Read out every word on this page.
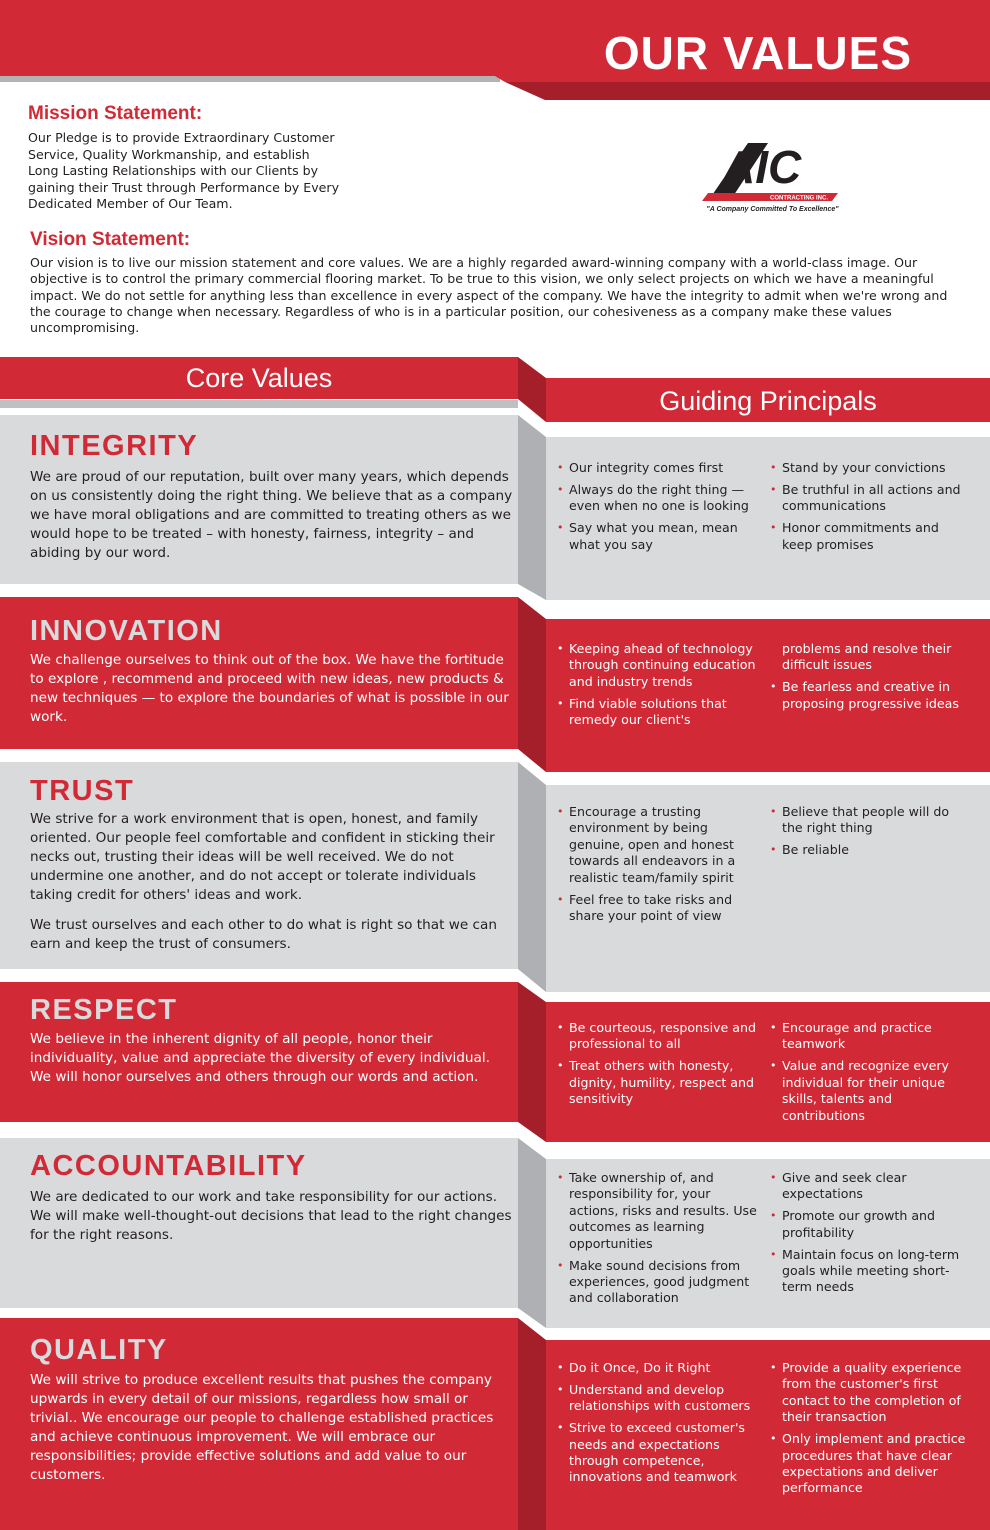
OUR VALUES
Mission Statement:
Our Pledge is to provide Extraordinary Customer
Service, Quality Workmanship, and establish
Long Lasting Relationships with our Clients by
gaining their Trust through Performance by Every
Dedicated Member of Our Team.
AIC
CONTRACTING INC.
"A Company Committed To Excellence"
Vision Statement:
Our vision is to live our mission statement and core values. We are a highly regarded award-winning company with a world-class image. Our objective is to control the primary commercial flooring market. To be true to this vision, we only select projects on which we have a meaningful impact. We do not settle for anything less than excellence in every aspect of the company. We have the integrity to admit when we're wrong and the courage to change when necessary. Regardless of who is in a particular position, our cohesiveness as a company make these values uncompromising.
Core Values
Guiding Principals
INTEGRITY

We are proud of our reputation, built over many years, which depends on us consistently doing the right thing. We believe that as a company we have moral obligations and are committed to treating others as we would hope to be treated – with honesty, fairness, integrity – and abiding by our word.

• Our integrity comes first
• Always do the right thing — even when no one is looking
• Say what you mean, mean what you say
• Stand by your convictions
• Be truthful in all actions and communications
• Honor commitments and keep promises
INNOVATION

We challenge ourselves to think out of the box. We have the fortitude to explore , recommend and proceed with new ideas, new products & new techniques — to explore the boundaries of what is possible in our work.

• Keeping ahead of technology through continuing education and industry trends
• Find viable solutions that remedy our client's
problems and resolve their difficult issues
• Be fearless and creative in proposing progressive ideas
TRUST

We strive for a work environment that is open, honest, and family oriented. Our people feel comfortable and confident in sticking their necks out, trusting their ideas will be well received. We do not undermine one another, and do not accept or tolerate individuals taking credit for others' ideas and work.

We trust ourselves and each other to do what is right so that we can earn and keep the trust of consumers.

• Encourage a trusting environment by being genuine, open and honest towards all endeavors in a realistic team/family spirit
• Feel free to take risks and share your point of view
• Believe that people will do the right thing
• Be reliable
RESPECT

We believe in the inherent dignity of all people, honor their individuality, value and appreciate the diversity of every individual. We will honor ourselves and others through our words and action.

• Be courteous, responsive and professional to all
• Treat others with honesty, dignity, humility, respect and sensitivity
• Encourage and practice teamwork
• Value and recognize every individual for their unique skills, talents and contributions
ACCOUNTABILITY

We are dedicated to our work and take responsibility for our actions. We will make well-thought-out decisions that lead to the right changes for the right reasons.

• Take ownership of, and responsibility for, your actions, risks and results. Use outcomes as learning opportunities
• Make sound decisions from experiences, good judgment and collaboration
• Give and seek clear expectations
• Promote our growth and profitability
• Maintain focus on long-term goals while meeting short-term needs
QUALITY

We will strive to produce excellent results that pushes the company upwards in every detail of our missions, regardless how small or trivial.. We encourage our people to challenge established practices and achieve continuous improvement. We will embrace our responsibilities; provide effective solutions and add value to our customers.

• Do it Once, Do it Right
• Understand and develop relationships with customers
• Strive to exceed customer's needs and expectations through competence, innovations and teamwork
• Provide a quality experience from the customer's first contact to the completion of their transaction
• Only implement and practice procedures that have clear expectations and deliver performance
